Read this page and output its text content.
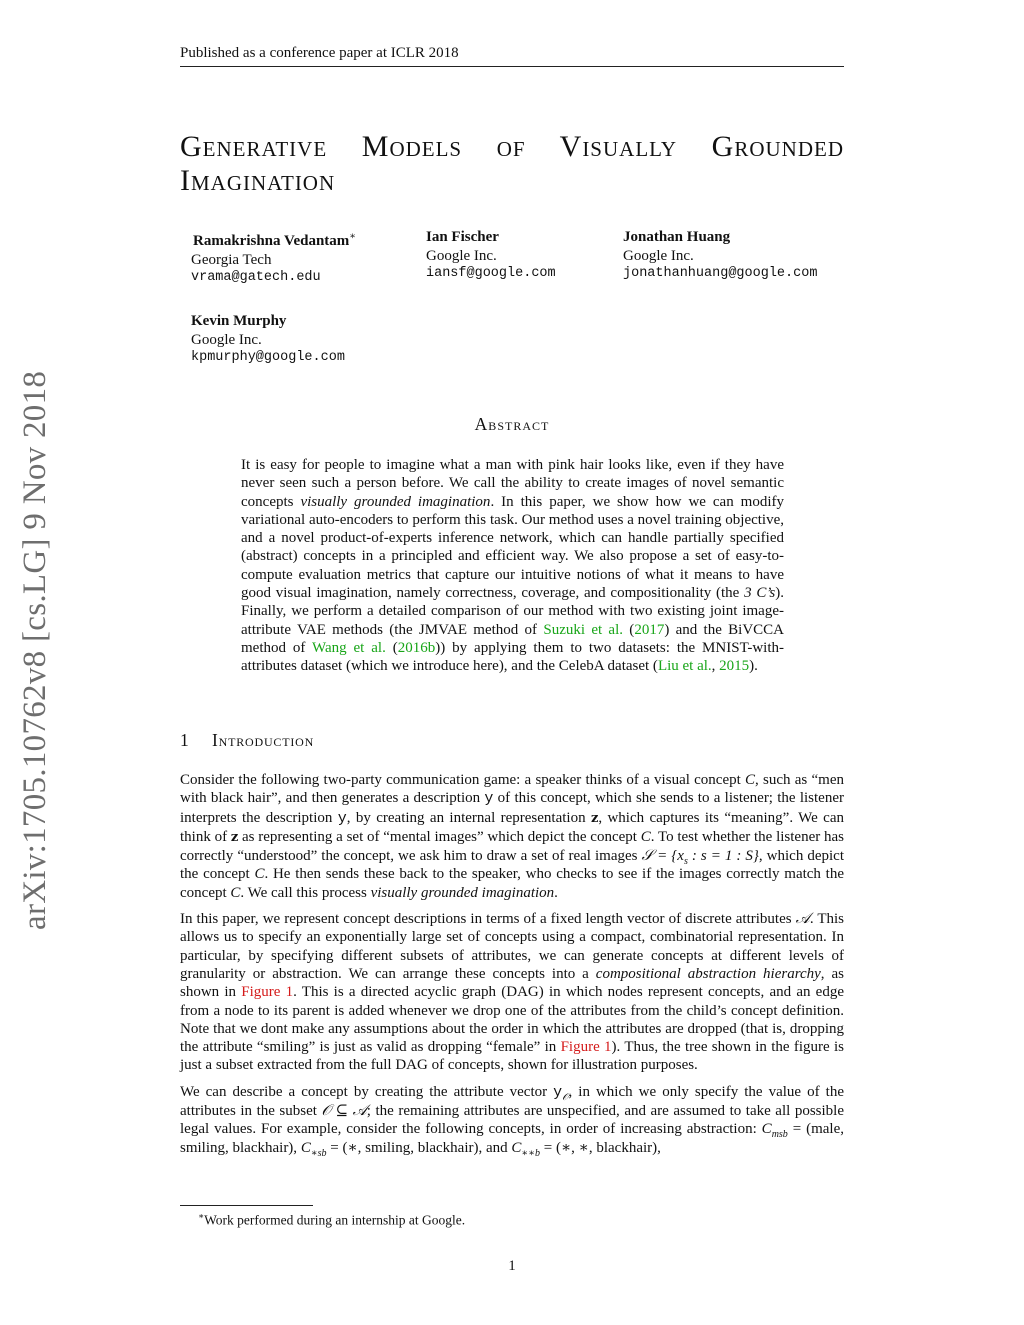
Published as a conference paper at ICLR 2018
arXiv:1705.10762v8 [cs.LG] 9 Nov 2018
Generative Models of Visually Grounded Imagination
Ramakrishna Vedantam∗
Georgia Tech
vrama@gatech.edu
Ian Fischer
Google Inc.
iansf@google.com
Jonathan Huang
Google Inc.
jonathanhuang@google.com
Kevin Murphy
Google Inc.
kpmurphy@google.com
Abstract

It is easy for people to imagine what a man with pink hair looks like, even if they have never seen such a person before. We call the ability to create images of novel semantic concepts visually grounded imagination. In this paper, we show how we can modify variational auto-encoders to perform this task. Our method uses a novel training objective, and a novel product-of-experts inference network, which can handle partially specified (abstract) concepts in a principled and efficient way. We also propose a set of easy-to-compute evaluation metrics that capture our intuitive notions of what it means to have good visual imagination, namely correctness, coverage, and compositionality (the 3 C’s). Finally, we perform a detailed comparison of our method with two existing joint image-attribute VAE methods (the JMVAE method of Suzuki et al. (2017) and the BiVCCA method of Wang et al. (2016b)) by applying them to two datasets: the MNIST-with-attributes dataset (which we introduce here), and the CelebA dataset (Liu et al., 2015).

1 Introduction

Consider the following two-party communication game: a speaker thinks of a visual concept C, such as “men with black hair”, and then generates a description y of this concept, which she sends to a listener; the listener interprets the description y, by creating an internal representation z, which captures its “meaning”. We can think of z as representing a set of “mental images” which depict the concept C. To test whether the listener has correctly “understood” the concept, we ask him to draw a set of real images 𝒮 = {$x_s$ : s = 1 : S}, which depict the concept C. He then sends these back to the speaker, who checks to see if the images correctly match the concept C. We call this process visually grounded imagination.

In this paper, we represent concept descriptions in terms of a fixed length vector of discrete attributes 𝒜. This allows us to specify an exponentially large set of concepts using a compact, combinatorial representation. In particular, by specifying different subsets of attributes, we can generate concepts at different levels of granularity or abstraction. We can arrange these concepts into a compositional abstraction hierarchy, as shown in Figure 1. This is a directed acyclic graph (DAG) in which nodes represent concepts, and an edge from a node to its parent is added whenever we drop one of the attributes from the child’s concept definition. Note that we dont make any assumptions about the order in which the attributes are dropped (that is, dropping the attribute “smiling” is just as valid as dropping “female” in Figure 1). Thus, the tree shown in the figure is just a subset extracted from the full DAG of concepts, shown for illustration purposes.

We can describe a concept by creating the attribute vector $y_𝒪$, in which we only specify the value of the attributes in the subset 𝒪 ⊆ 𝒜; the remaining attributes are unspecified, and are assumed to take all possible legal values. For example, consider the following concepts, in order of increasing abstraction: $C_{msb}$ = (male, smiling, blackhair), $C_{∗sb}$ = (∗, smiling, blackhair), and $C_{∗∗b}$ = (∗, ∗, blackhair),

∗Work performed during an internship at Google.
1
